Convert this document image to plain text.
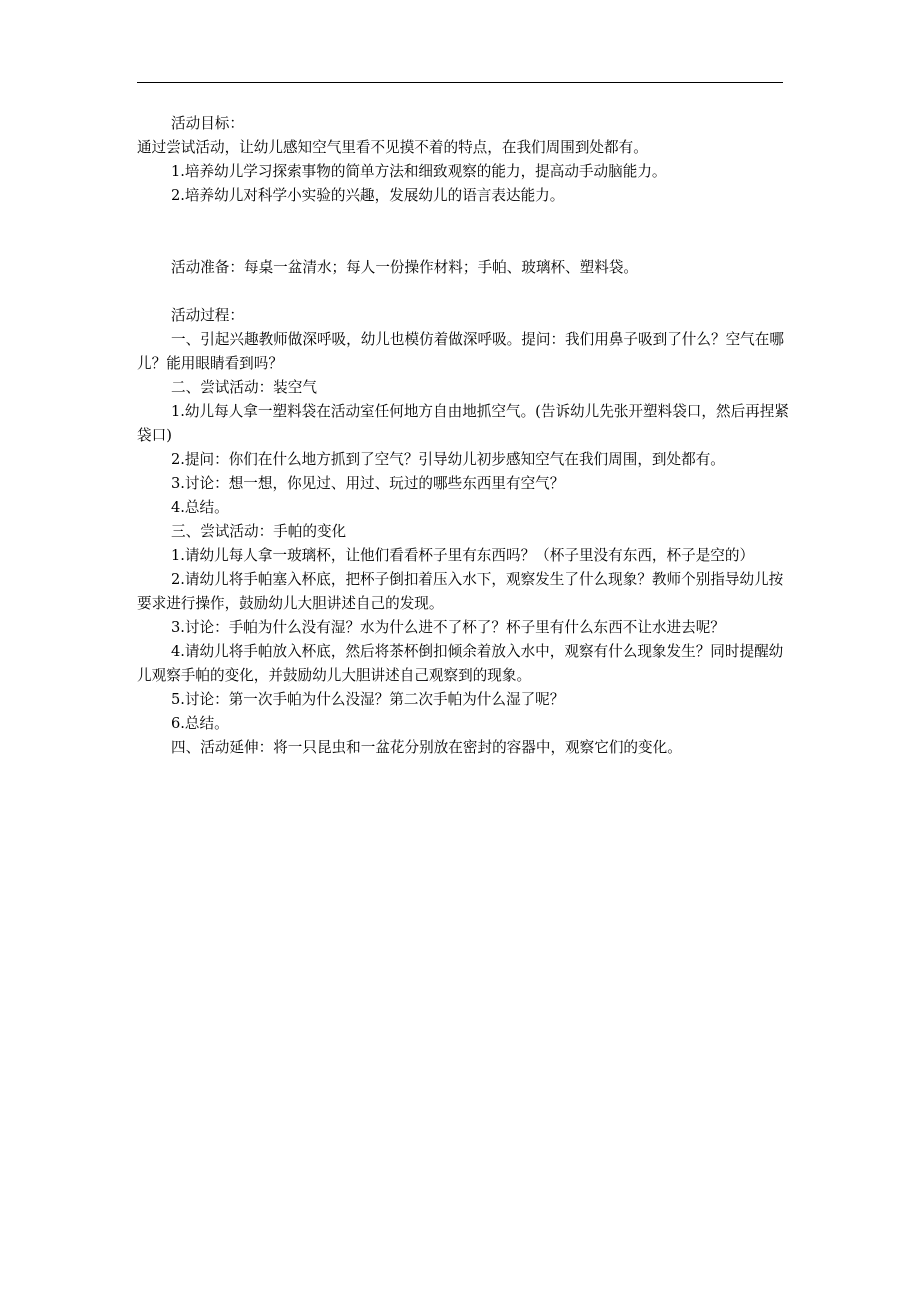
活动目标：

通过尝试活动，让幼儿感知空气里看不见摸不着的特点，在我们周围到处都有。

1.培养幼儿学习探索事物的简单方法和细致观察的能力，提高动手动脑能力。

2.培养幼儿对科学小实验的兴趣，发展幼儿的语言表达能力。

活动准备：每桌一盆清水；每人一份操作材料；手帕、玻璃杯、塑料袋。

活动过程：

一、引起兴趣教师做深呼吸，幼儿也模仿着做深呼吸。提问：我们用鼻子吸到了什么？空气在哪儿？能用眼睛看到吗？

二、尝试活动：装空气

1.幼儿每人拿一塑料袋在活动室任何地方自由地抓空气。(告诉幼儿先张开塑料袋口，然后再捏紧袋口)

2.提问：你们在什么地方抓到了空气？引导幼儿初步感知空气在我们周围，到处都有。

3.讨论：想一想，你见过、用过、玩过的哪些东西里有空气？

4.总结。

三、尝试活动：手帕的变化

1.请幼儿每人拿一玻璃杯，让他们看看杯子里有东西吗？（杯子里没有东西，杯子是空的）

2.请幼儿将手帕塞入杯底，把杯子倒扣着压入水下，观察发生了什么现象？教师个别指导幼儿按要求进行操作，鼓励幼儿大胆讲述自己的发现。

3.讨论：手帕为什么没有湿？水为什么进不了杯了？杯子里有什么东西不让水进去呢？

4.请幼儿将手帕放入杯底，然后将茶杯倒扣倾余着放入水中，观察有什么现象发生？同时提醒幼儿观察手帕的变化，并鼓励幼儿大胆讲述自己观察到的现象。

5.讨论：第一次手帕为什么没湿？第二次手帕为什么湿了呢？

6.总结。

四、活动延伸：将一只昆虫和一盆花分别放在密封的容器中，观察它们的变化。
